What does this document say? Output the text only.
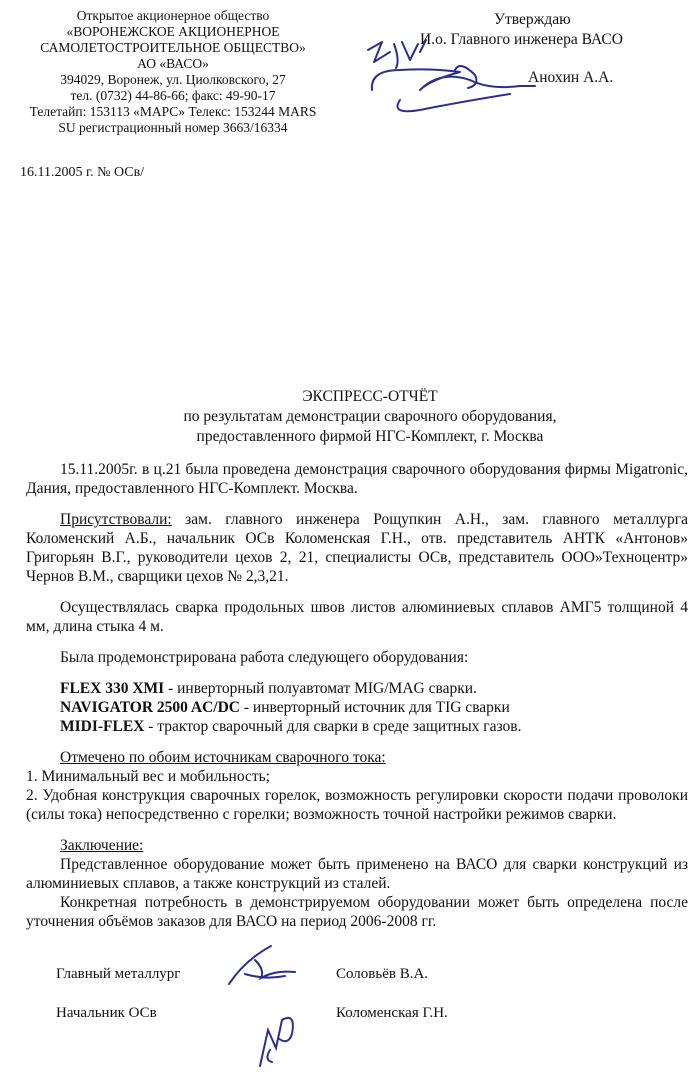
Открытое акционерное общество
«ВОРОНЕЖСКОЕ АКЦИОНЕРНОЕ
САМОЛЕТОСТРОИТЕЛЬНОЕ ОБЩЕСТВО»
АО «ВАСО»
394029, Воронеж, ул. Циолковского, 27
тел. (0732) 44-86-66; факс: 49-90-17
Телетайп: 153113 «МАРС» Телекс: 153244 MARS
SU регистрационный номер 3663/16334
Утверждаю
И.о. Главного инженера ВАСО
Анохин А.А.
16.11.2005 г. № ОСв/
ЭКСПРЕСС-ОТЧЁТ
по результатам демонстрации сварочного оборудования,
предоставленного фирмой НГС-Комплект, г. Москва

15.11.2005г. в ц.21 была проведена демонстрация сварочного оборудования фирмы Migatronic, Дания, предоставленного НГС-Комплект. Москва.

Присутствовали: зам. главного инженера Рощупкин А.Н., зам. главного металлурга Коломенский А.Б., начальник ОСв Коломенская Г.Н., отв. представитель АНТК «Антонов» Григорьян В.Г., руководители цехов 2, 21, специалисты ОСв, представитель ООО»Техноцентр» Чернов В.М., сварщики цехов № 2,3,21.

Осуществлялась сварка продольных швов листов алюминиевых сплавов АМГ5 толщиной 4 мм, длина стыка 4 м.

Была продемонстрирована работа следующего оборудования:

FLEX 330 XMI - инверторный полуавтомат MIG/MAG сварки.
NAVIGATOR 2500 AC/DC - инверторный источник для TIG сварки
MIDI-FLEX - трактор сварочный для сварки в среде защитных газов.
Отмечено по обоим источникам сварочного тока:
1. Минимальный вес и мобильность;
2. Удобная конструкция сварочных горелок, возможность регулировки скорости подачи проволоки (силы тока) непосредственно с горелки; возможность точной настройки режимов сварки.
Заключение:

Представленное оборудование может быть применено на ВАСО для сварки конструкций из алюминиевых сплавов, а также конструкций из сталей.

Конкретная потребность в демонстрируемом оборудовании может быть определена после уточнения объёмов заказов для ВАСО на период 2006-2008 гг.

Главный металлург	Соловьёв В.А.
Начальник ОСв	Коломенская Г.Н.
